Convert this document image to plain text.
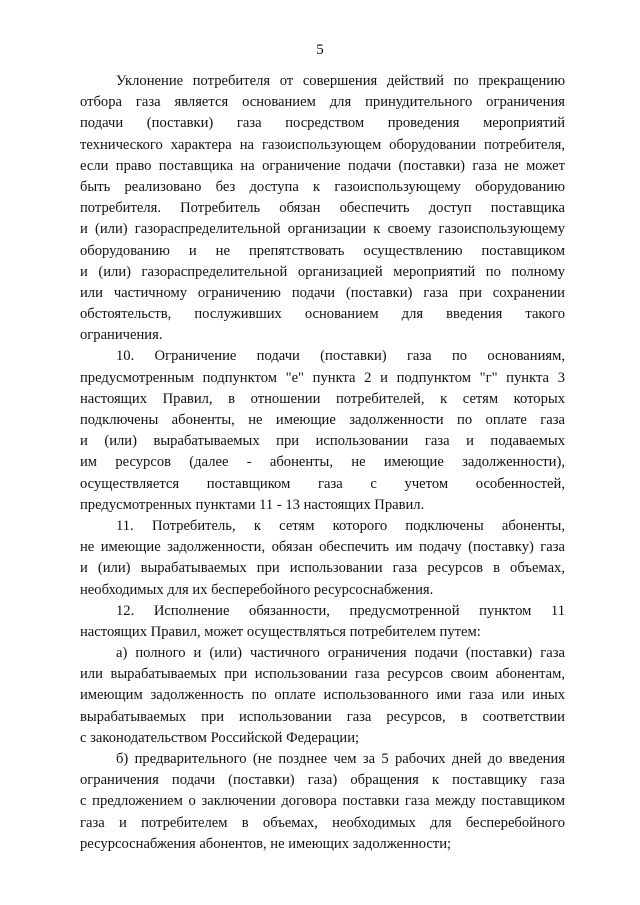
5
Уклонение потребителя от совершения действий по прекращению
отбора газа является основанием для принудительного ограничения
подачи (поставки) газа посредством проведения мероприятий
технического характера на газоиспользующем оборудовании потребителя,
если право поставщика на ограничение подачи (поставки) газа не может
быть реализовано без доступа к газоиспользующему оборудованию
потребителя. Потребитель обязан обеспечить доступ поставщика
и (или) газораспределительной организации к своему газоиспользующему
оборудованию и не препятствовать осуществлению поставщиком
и (или) газораспределительной организацией мероприятий по полному
или частичному ограничению подачи (поставки) газа при сохранении
обстоятельств, послуживших основанием для введения такого
ограничения.
10. Ограничение подачи (поставки) газа по основаниям,
предусмотренным подпунктом "е" пункта 2 и подпунктом "г" пункта 3
настоящих Правил, в отношении потребителей, к сетям которых
подключены абоненты, не имеющие задолженности по оплате газа
и (или) вырабатываемых при использовании газа и подаваемых
им ресурсов (далее - абоненты, не имеющие задолженности),
осуществляется поставщиком газа с учетом особенностей,
предусмотренных пунктами 11 - 13 настоящих Правил.
11. Потребитель, к сетям которого подключены абоненты,
не имеющие задолженности, обязан обеспечить им подачу (поставку) газа
и (или) вырабатываемых при использовании газа ресурсов в объемах,
необходимых для их бесперебойного ресурсоснабжения.
12. Исполнение обязанности, предусмотренной пунктом 11
настоящих Правил, может осуществляться потребителем путем:
а) полного и (или) частичного ограничения подачи (поставки) газа
или вырабатываемых при использовании газа ресурсов своим абонентам,
имеющим задолженность по оплате использованного ими газа или иных
вырабатываемых при использовании газа ресурсов, в соответствии
с законодательством Российской Федерации;
б) предварительного (не позднее чем за 5 рабочих дней до введения
ограничения подачи (поставки) газа) обращения к поставщику газа
с предложением о заключении договора поставки газа между поставщиком
газа и потребителем в объемах, необходимых для бесперебойного
ресурсоснабжения абонентов, не имеющих задолженности;
